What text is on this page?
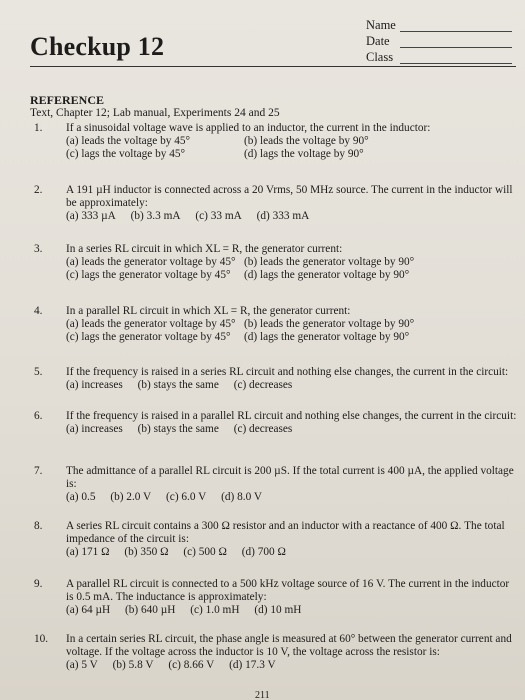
Name
Date
Class
Checkup 12
REFERENCE
Text, Chapter 12; Lab manual, Experiments 24 and 25
1. If a sinusoidal voltage wave is applied to an inductor, the current in the inductor:
(a) leads the voltage by 45°	(b) leads the voltage by 90°
(c) lags the voltage by 45°	(d) lags the voltage by 90°
2. A 191 µH inductor is connected across a 20 Vrms, 50 MHz source. The current in the inductor will be approximately:
(a) 333 µA (b) 3.3 mA (c) 33 mA (d) 333 mA
3. In a series RL circuit in which XL = R, the generator current:
(a) leads the generator voltage by 45° (b) leads the generator voltage by 90°
(c) lags the generator voltage by 45°	(d) lags the generator voltage by 90°
4. In a parallel RL circuit in which XL = R, the generator current:
(a) leads the generator voltage by 45° (b) leads the generator voltage by 90°
(c) lags the generator voltage by 45°	(d) lags the generator voltage by 90°
5. If the frequency is raised in a series RL circuit and nothing else changes, the current in the circuit:
(a) increases (b) stays the same (c) decreases
6. If the frequency is raised in a parallel RL circuit and nothing else changes, the current in the circuit:
(a) increases (b) stays the same (c) decreases
7. The admittance of a parallel RL circuit is 200 µS. If the total current is 400 µA, the applied voltage is:
(a) 0.5 (b) 2.0 V (c) 6.0 V (d) 8.0 V
8. A series RL circuit contains a 300 Ω resistor and an inductor with a reactance of 400 Ω. The total impedance of the circuit is:
(a) 171 Ω (b) 350 Ω (c) 500 Ω (d) 700 Ω
9. A parallel RL circuit is connected to a 500 kHz voltage source of 16 V. The current in the inductor is 0.5 mA. The inductance is approximately:
(a) 64 µH (b) 640 µH (c) 1.0 mH (d) 10 mH
10. In a certain series RL circuit, the phase angle is measured at 60° between the generator current and voltage. If the voltage across the inductor is 10 V, the voltage across the resistor is:
(a) 5 V (b) 5.8 V (c) 8.66 V (d) 17.3 V
211
